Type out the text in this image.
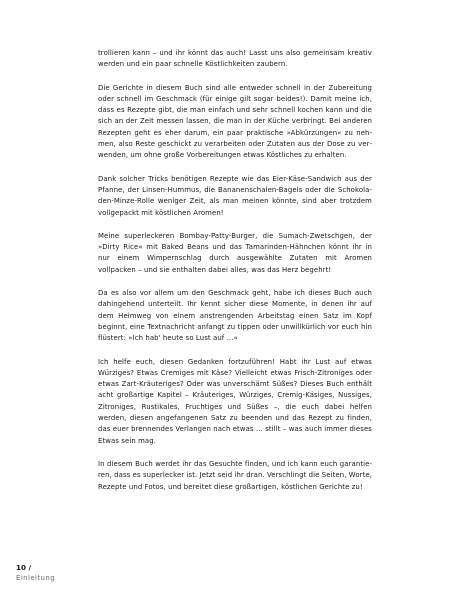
trollieren kann – und ihr könnt das auch! Lasst uns also gemeinsam kreativ werden und ein paar schnelle Köstlichkeiten zaubern.

Die Gerichte in diesem Buch sind alle entweder schnell in der Zubereitung oder schnell im Geschmack (für einige gilt sogar beides!). Damit meine ich, dass es Rezepte gibt, die man einfach und sehr schnell kochen kann und die sich an der Zeit messen lassen, die man in der Küche verbringt. Bei anderen Rezepten geht es eher darum, ein paar praktische »Abkürzungen« zu nehmen, also Reste geschickt zu verarbeiten oder Zutaten aus der Dose zu verwenden, um ohne große Vorbereitungen etwas Köstliches zu erhalten.

Dank solcher Tricks benötigen Rezepte wie das Eier-Käse-Sandwich aus der Pfanne, der Linsen-Hummus, die Bananenschalen-Bagels oder die Schokoladen-Minze-Rolle weniger Zeit, als man meinen könnte, sind aber trotzdem vollgepackt mit köstlichen Aromen!

Meine superleckeren Bombay-Patty-Burger, die Sumach-Zwetschgen, der »Dirty Rice« mit Baked Beans und das Tamarinden-Hähnchen könnt ihr in nur einem Wimpernschlag durch ausgewählte Zutaten mit Aromen vollpacken – und sie enthalten dabei alles, was das Herz begehrt!

Da es also vor allem um den Geschmack geht, habe ich dieses Buch auch dahingehend unterteilt. Ihr kennt sicher diese Momente, in denen ihr auf dem Heimweg von einem anstrengenden Arbeitstag einen Satz im Kopf beginnt, eine Textnachricht anfangt zu tippen oder unwillkürlich vor euch hin flüstert: »Ich hab' heute so Lust auf …«

Ich helfe euch, diesen Gedanken fortzuführen! Habt ihr Lust auf etwas Würziges? Etwas Cremiges mit Käse? Vielleicht etwas Frisch-Zitroniges oder etwas Zart-Kräuteriges? Oder was unverschämt Süßes? Dieses Buch enthält acht großartige Kapitel – Kräuteriges, Würziges, Cremig-Käsiges, Nussiges, Zitroniges, Rustikales, Fruchtiges und Süßes –, die euch dabei helfen werden, diesen angefangenen Satz zu beenden und das Rezept zu finden, das euer brennendes Verlangen nach etwas … stillt – was auch immer dieses Etwas sein mag.

In diesem Buch werdet ihr das Gesuchte finden, und ich kann euch garantieren, dass es superlecker ist. Jetzt seid ihr dran. Verschlingt die Seiten, Worte, Rezepte und Fotos, und bereitet diese großartigen, köstlichen Gerichte zu!

10 /
Einleitung
